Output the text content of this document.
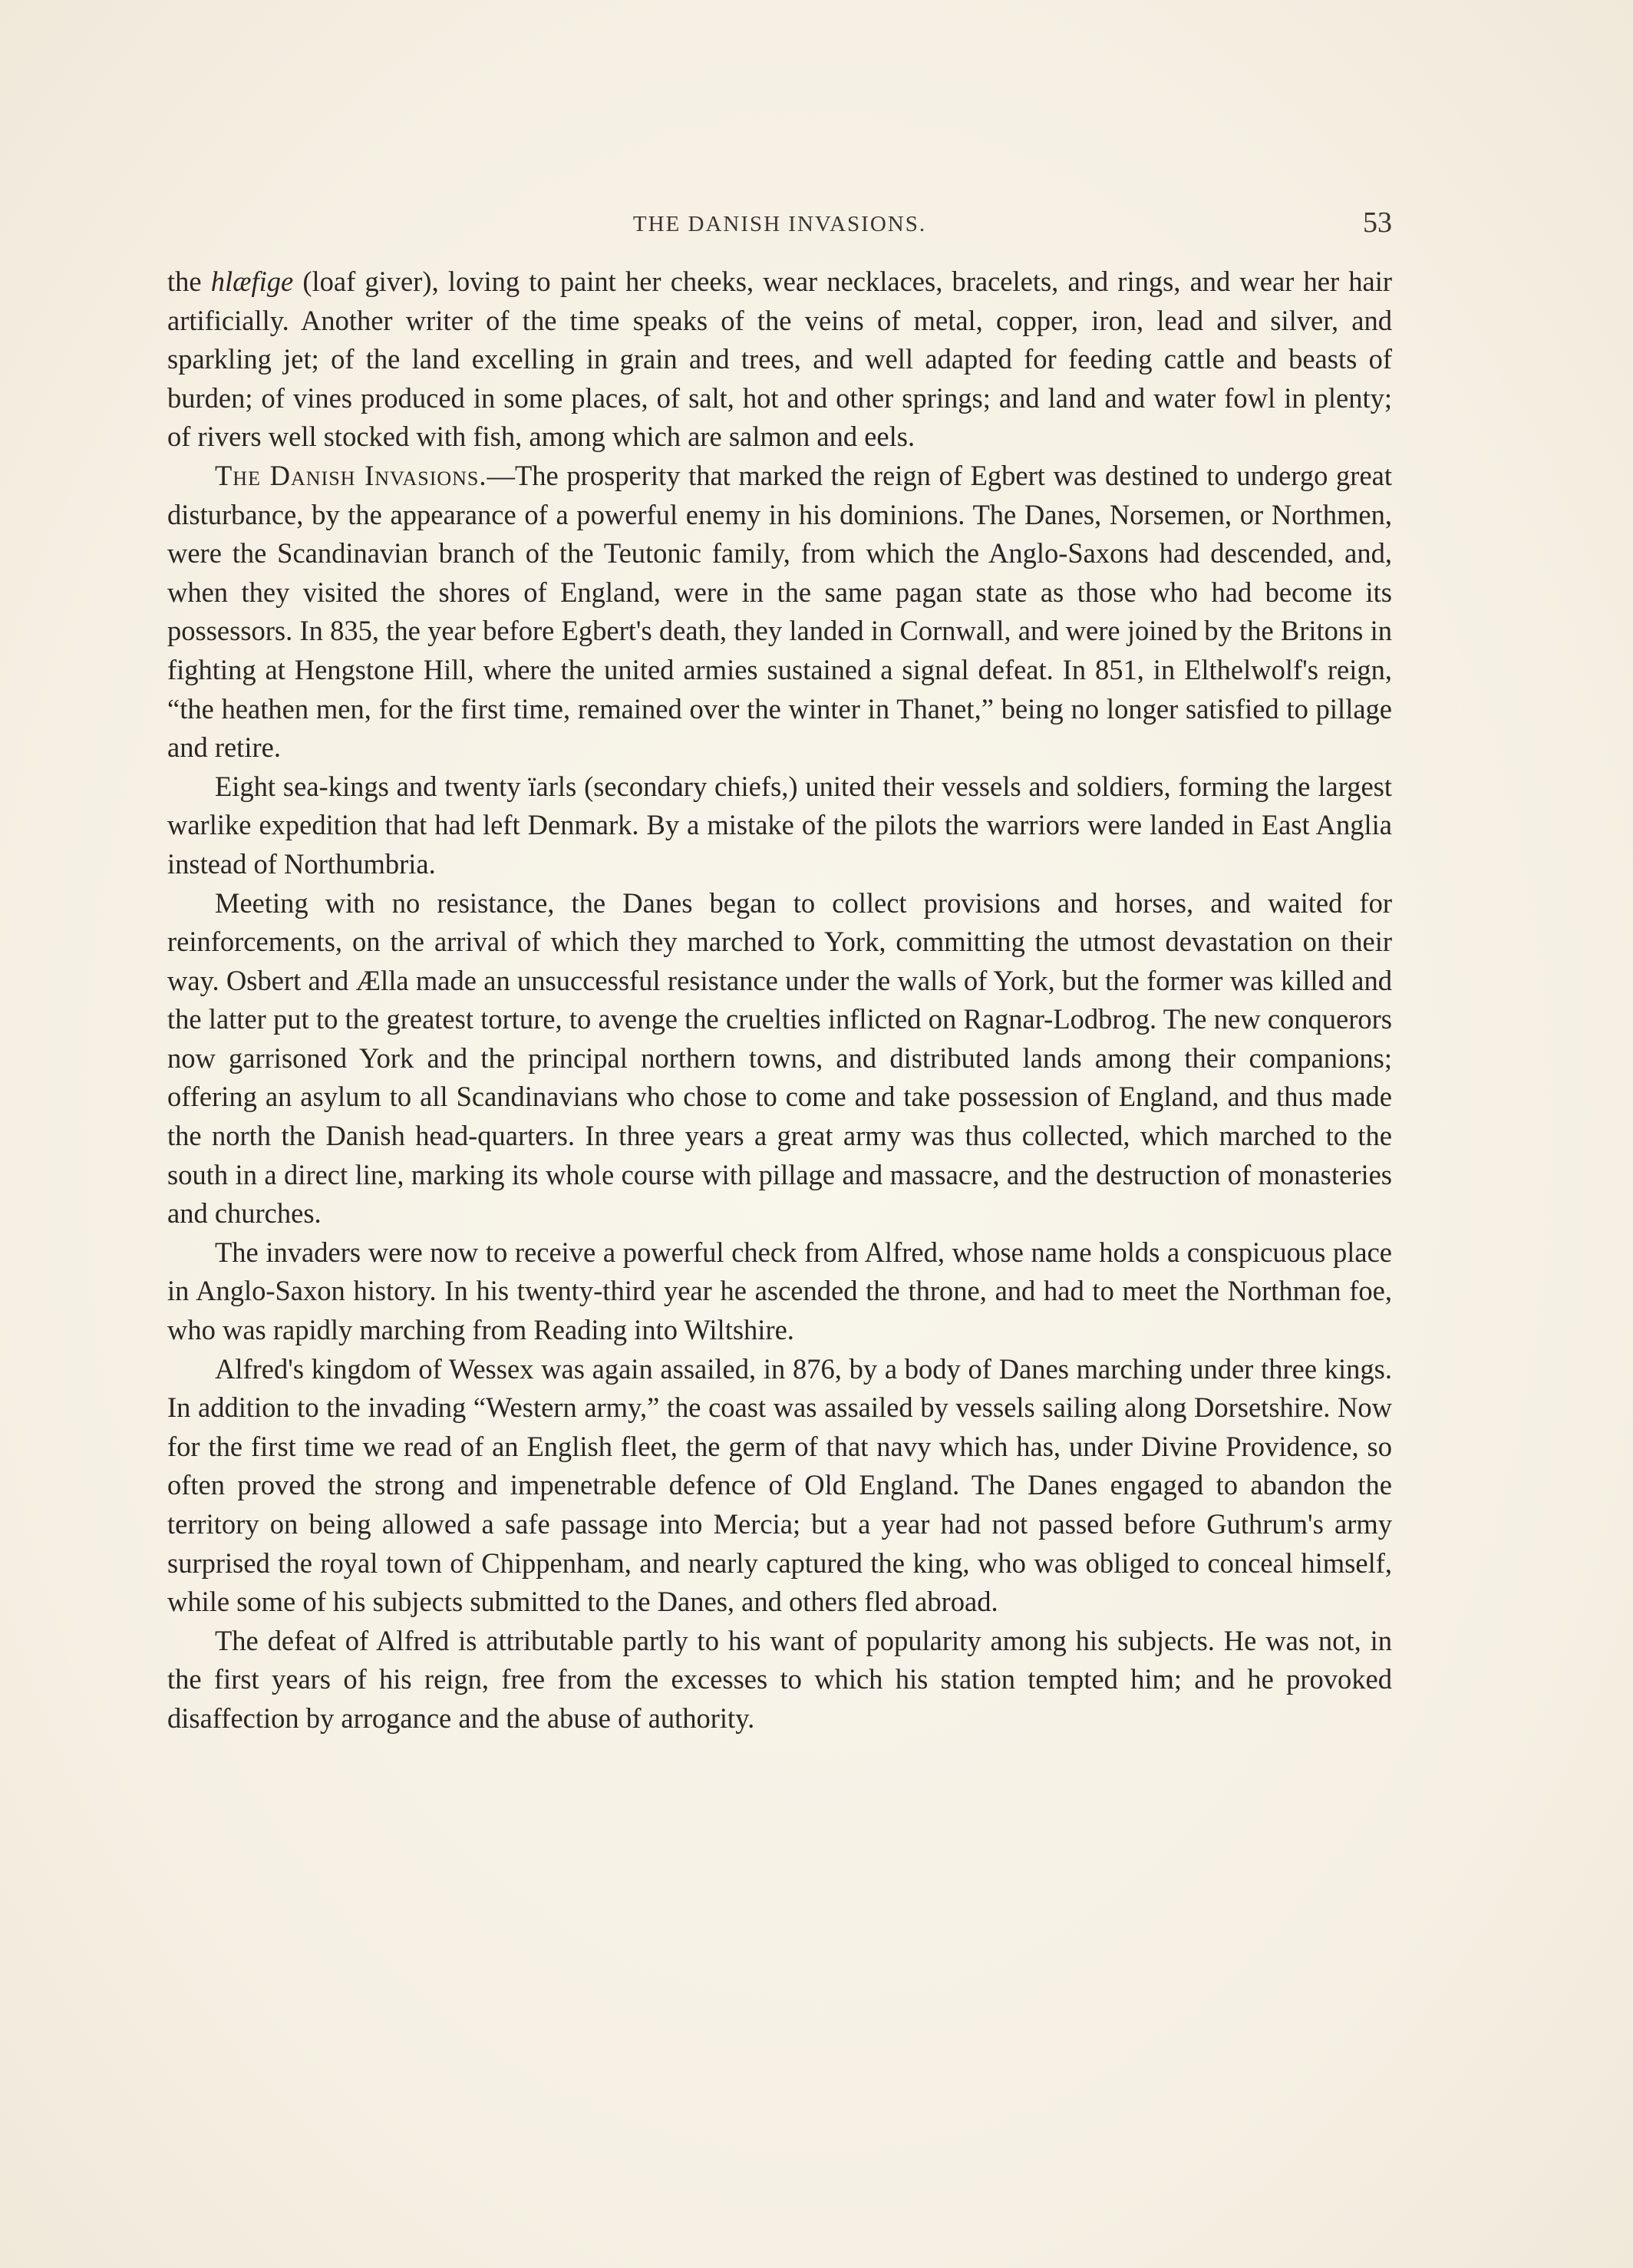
THE DANISH INVASIONS.	53

the hlæfige (loaf giver), loving to paint her cheeks, wear necklaces, bracelets, and rings, and wear her hair artificially. Another writer of the time speaks of the veins of metal, copper, iron, lead and silver, and sparkling jet; of the land excelling in grain and trees, and well adapted for feeding cattle and beasts of burden; of vines produced in some places, of salt, hot and other springs; and land and water fowl in plenty; of rivers well stocked with fish, among which are salmon and eels.

The Danish Invasions.—The prosperity that marked the reign of Egbert was destined to undergo great disturbance, by the appearance of a powerful enemy in his dominions. The Danes, Norsemen, or Northmen, were the Scandinavian branch of the Teutonic family, from which the Anglo-Saxons had descended, and, when they visited the shores of England, were in the same pagan state as those who had become its possessors. In 835, the year before Egbert's death, they landed in Cornwall, and were joined by the Britons in fighting at Hengstone Hill, where the united armies sustained a signal defeat. In 851, in Elthelwolf's reign, “the heathen men, for the first time, remained over the winter in Thanet,” being no longer satisfied to pillage and retire.

Eight sea-kings and twenty ïarls (secondary chiefs,) united their vessels and soldiers, forming the largest warlike expedition that had left Denmark. By a mistake of the pilots the warriors were landed in East Anglia instead of Northumbria.

Meeting with no resistance, the Danes began to collect provisions and horses, and waited for reinforcements, on the arrival of which they marched to York, committing the utmost devastation on their way. Osbert and Ælla made an unsuccessful resistance under the walls of York, but the former was killed and the latter put to the greatest torture, to avenge the cruelties inflicted on Ragnar-Lodbrog. The new conquerors now garrisoned York and the principal northern towns, and distributed lands among their companions; offering an asylum to all Scandinavians who chose to come and take possession of England, and thus made the north the Danish head-quarters. In three years a great army was thus collected, which marched to the south in a direct line, marking its whole course with pillage and massacre, and the destruction of monasteries and churches.

The invaders were now to receive a powerful check from Alfred, whose name holds a conspicuous place in Anglo-Saxon history. In his twenty-third year he ascended the throne, and had to meet the Northman foe, who was rapidly marching from Reading into Wiltshire.

Alfred's kingdom of Wessex was again assailed, in 876, by a body of Danes marching under three kings. In addition to the invading “Western army,” the coast was assailed by vessels sailing along Dorsetshire. Now for the first time we read of an English fleet, the germ of that navy which has, under Divine Providence, so often proved the strong and impenetrable defence of Old England. The Danes engaged to abandon the territory on being allowed a safe passage into Mercia; but a year had not passed before Guthrum's army surprised the royal town of Chippenham, and nearly captured the king, who was obliged to conceal himself, while some of his subjects submitted to the Danes, and others fled abroad.

The defeat of Alfred is attributable partly to his want of popularity among his subjects. He was not, in the first years of his reign, free from the excesses to which his station tempted him; and he provoked disaffection by arrogance and the abuse of authority.
